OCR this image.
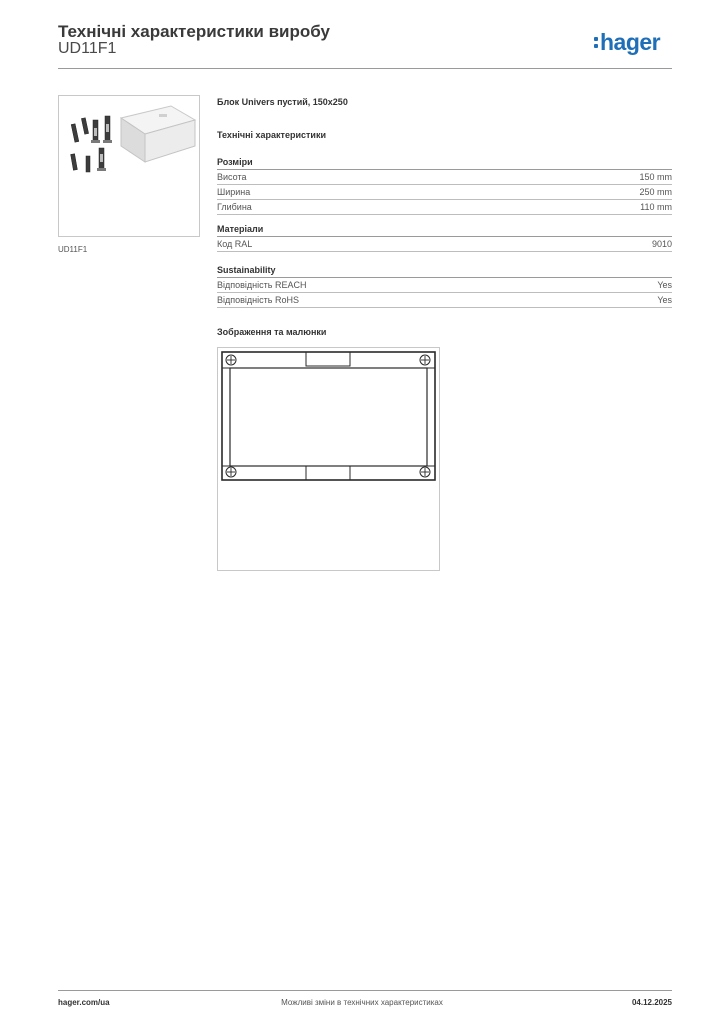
Технічні характеристики виробу
UD11F1	hager
UD11F1
Блок Univers пустий, 150x250
Технічні характеристики
Розміри
Висота	150 mm
Ширина	250 mm
Глибина	110 mm
Матеріали
Код RAL	9010
Sustainability
Відповідність REACH	Yes
Відповідність RoHS	Yes
Зображення та малюнки
hager.com/ua	Можливі зміни в технічних характеристиках	04.12.2025
